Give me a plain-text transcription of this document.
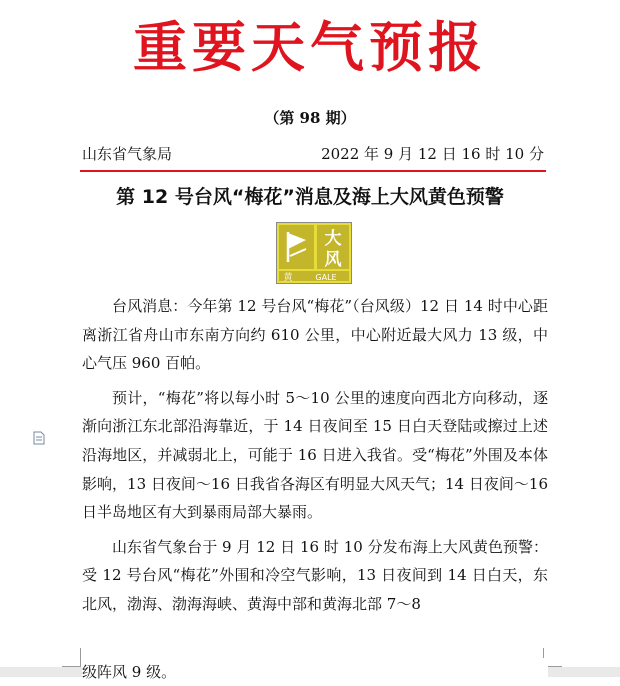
重要天气预报
（第 98 期）
山东省气象局	2022 年 9 月 12 日 16 时 10 分
第 12 号台风“梅花”消息及海上大风黄色预警
大
风
黄	GALE

台风消息：今年第 12 号台风“梅花”（台风级）12 日 14 时中心距离浙江省舟山市东南方向约 610 公里，中心附近最大风力 13 级，中心气压 960 百帕。

预计，“梅花”将以每小时 5～10 公里的速度向西北方向移动，逐渐向浙江东北部沿海靠近，于 14 日夜间至 15 日白天登陆或擦过上述沿海地区，并减弱北上，可能于 16 日进入我省。受“梅花”外围及本体影响，13 日夜间～16 日我省各海区有明显大风天气；14 日夜间～16 日半岛地区有大到暴雨局部大暴雨。

山东省气象台于 9 月 12 日 16 时 10 分发布海上大风黄色预警：受 12 号台风“梅花”外围和冷空气影响，13 日夜间到 14 日白天，东北风，渤海、渤海海峡、黄海中部和黄海北部 7～8

级阵风 9 级。
